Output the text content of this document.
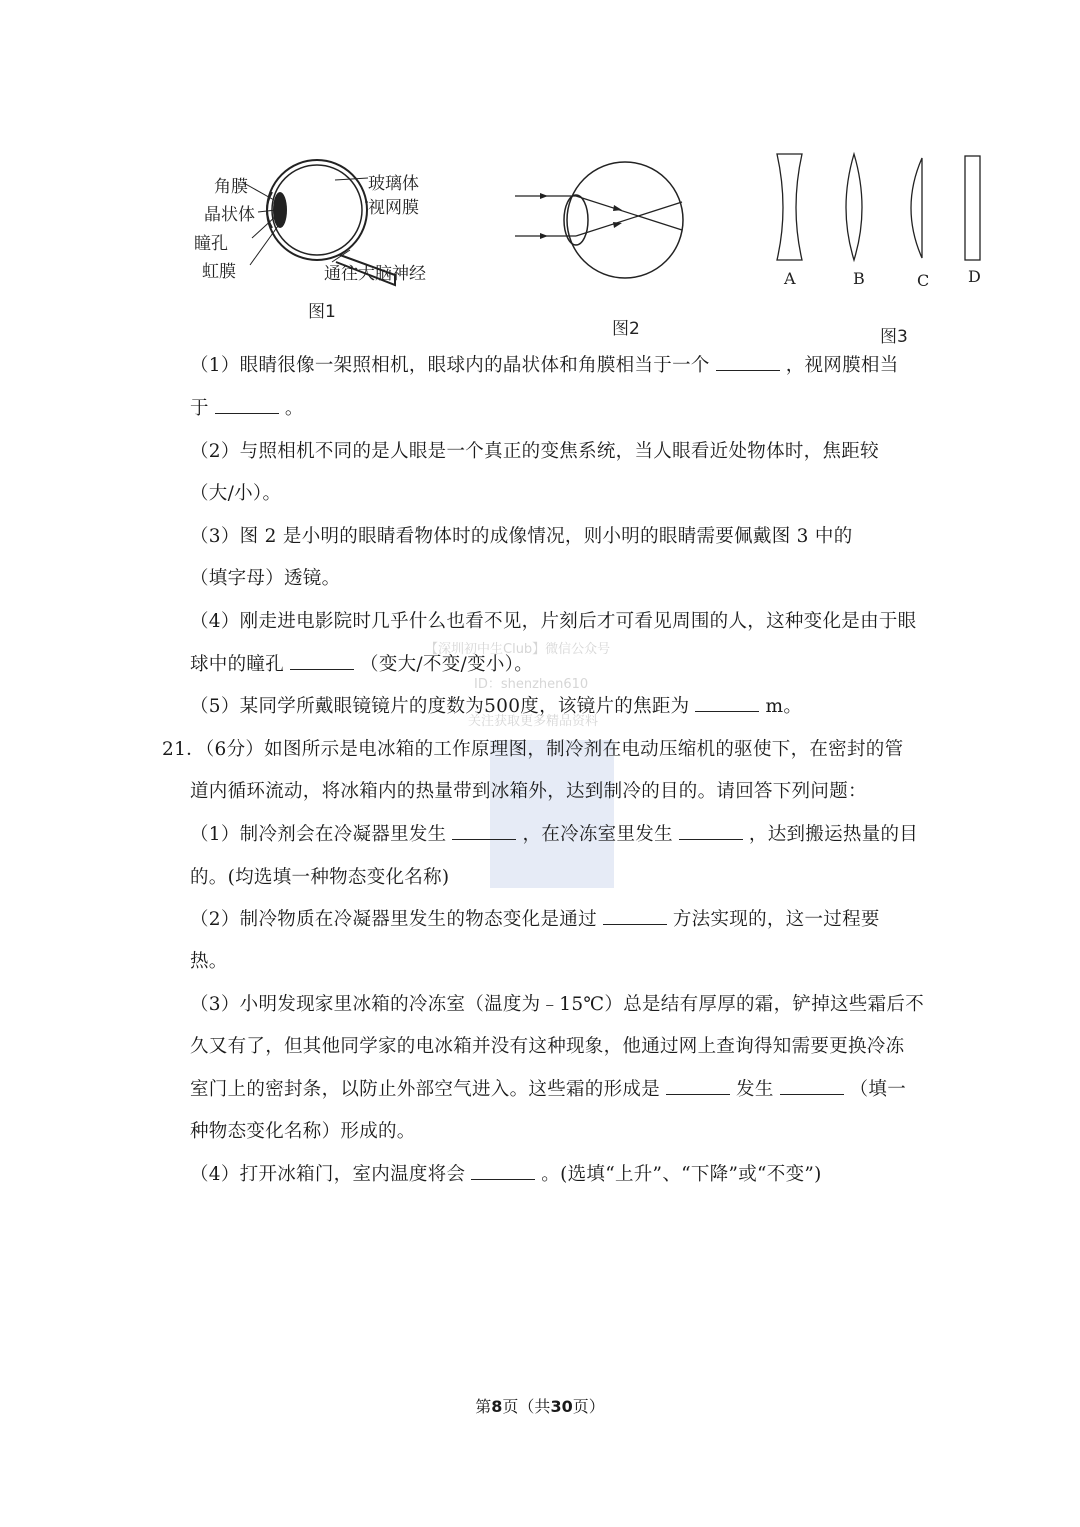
角膜
晶状体
瞳孔
虹膜
玻璃体
视网膜
通往大脑神经
图1
图2
A	B	C D
图3
【深圳初中生Club】微信公众号
ID：shenzhen610
关注获取更多精品资料
（1）眼睛很像一架照相机，眼球内的晶状体和角膜相当于一个	，视网膜相当
于	。
（2）与照相机不同的是人眼是一个真正的变焦系统，当人眼看近处物体时，焦距较
（大/小）。
（3）图 2 是小明的眼睛看物体时的成像情况，则小明的眼睛需要佩戴图 3 中的
（填字母）透镜。
（4）刚走进电影院时几乎什么也看不见，片刻后才可看见周围的人，这种变化是由于眼
球中的瞳孔	（变大/不变/变小）。
（5）某同学所戴眼镜镜片的度数为500度，该镜片的焦距为	m。
21．（6分）如图所示是电冰箱的工作原理图，制冷剂在电动压缩机的驱使下，在密封的管
道内循环流动，将冰箱内的热量带到冰箱外，达到制冷的目的。请回答下列问题：
（1）制冷剂会在冷凝器里发生	，在冷冻室里发生	，达到搬运热量的目
的。(均选填一种物态变化名称)
（2）制冷物质在冷凝器里发生的物态变化是通过	方法实现的，这一过程要
热。
（3）小明发现家里冰箱的冷冻室（温度为﹣15℃）总是结有厚厚的霜，铲掉这些霜后不
久又有了，但其他同学家的电冰箱并没有这种现象，他通过网上查询得知需要更换冷冻
室门上的密封条，以防止外部空气进入。这些霜的形成是	发生	（填一
种物态变化名称）形成的。
（4）打开冰箱门，室内温度将会	。(选填“上升”、“下降”或“不变”)
第8页（共30页）
